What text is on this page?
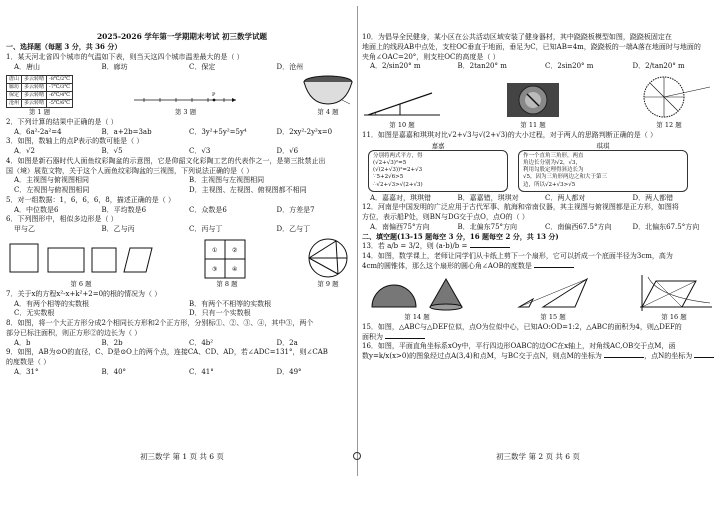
2025-2026 学年第一学期期末考试 初三数学试题
一、选择题（每题 3 分，共 36 分）
1．某天河北省四个城市的气温如下表，则当天这四个城市温差最大的是（ ）
A．唐山	B．廊坊	C．保定	D．沧州
唐山	多云转晴	-8℃/2℃
廊坊	多云转晴	-7℃/3℃
保定	多云转晴	-6℃/4℃
沧州	多云转晴	-5℃/6℃
第 1 题
P
第 3 题	第 4 题
2．下列计算的结果中正确的是（ ）
A．6a²-2a²=4	B．a+2b=3ab	C．3y²+5y²=5y⁴	D．2xy²-2y²x=0
3．如图，数轴上的点P表示的数可能是（ ）
A．√2	B．√5	C．√3	D．√6
4．如图是新石器时代人面鱼纹彩陶盆的示意图，它是仰韶文化彩陶工艺的代表作之一，是第三批禁止出
国（境）展览文物，关于这个人面鱼纹彩陶盆的三视图，下列说法正确的是（ ）
A．主视图与俯视图相同	B．主视图与左视图相同
C．左视图与俯视图相同	D．主视图、左视图、俯视图都不相同
5．对一组数据：1，6，6，6，8，描述正确的是（ ）
A．中位数是6	B．平均数是6	C．众数是6	D．方差是7
6．下列图形中，相似多边形是（ ）
甲与乙	B．乙与丙	C．丙与丁	D．乙与丁
第 6 题
① ②
③ ④
第 8 题	第 9 题
7．关于x的方程x²-x+k²+2=0的根的情况为（ ）
A．有两个相等的实数根	B．有两个不相等的实数根
C．无实数根	D．只有一个实数根
8．如图，将一个大正方形分成2个相同长方形和2个正方形，分别标①、②、③、④，其中③，两个
部分已标注面积，则正方形②的边长为（ ）
A．b	B．2b	C．4b²	D．2a
9．如图，AB为⊙O的直径，C、D是⊙O上的两个点，连接CA、CD、AD，若∠ADC=131°，则∠CAB
的度数是（ ）
A．31°	B．40°	C．41°	D．49°
初三数学 第 1 页 共 6 页
10．为倡导全民健身，某小区在公共活动区域安装了健身器材，其中跷跷板模型如图，跷跷板固定在
地面上的线段AB中点处，支柱OC垂直于地面，垂足为C，已知AB=4m，跷跷板的一端A落在地面时与地面的
夹角∠OAC=20°，则支柱OC的高度是（ ）
A．2/sin20° m	B．2tan20° m	C．2sin20° m	D．2/tan20° m
第 10 题	第 11 题	第 12 题
11．如图是嘉嘉和琪琪对比√2+√3与√(2+√3)的大小过程，对于两人的思路判断正确的是（ ）
嘉嘉
分别将两式平方，得
(√2+√3)²=5
(√(2+√3))²=2+√3
∵5+2√6>5
∴√2+√3>√(2+√3)
琪琪
作一个直角三角形，两直
角边长分别为√2，√3，
利用勾股定理得斜边长为
√5，因为三角形两边之和大于第三
边，所以√2+√3>√5
A．嘉嘉对，琪琪错	B．嘉嘉错，琪琪对	C．两人都对	D．两人都错
12．河南是中国发明的广泛应用于古代军事、航海和帝南仪器，其主视图与俯视图都是正方形，如图将
方位，表示船P处，则BN与DG交于点O，点O的（ ）
A．南偏西75°方向	B．北偏东75°方向	C．南偏西67.5°方向	D．北偏东67.5°方向
二、填空题(13-15 题每空 3 分，16 题每空 2 分，共 13 分)
13．若 a/b = 3/2，则 (a-b)/b =
14．如图，数学课上，老师让同学们从卡纸上剪下一个扇形，它可以折成一个底面半径为3cm，高为
4cm的圆锥体，那么这个扇形的圆心角∠AOB的度数是
第 14 题	第 15 题	第 16 题
15．如图，△ABC与△DEF位似，点O为位似中心，已知AO:OD=1:2，△ABC的面积为4，则△DEF的
面积为
16．如图，平面直角坐标系xOy中，平行四边形OABC的边OC在x轴上，对角线AC,OB交于点M，函
数y=k/x(x>0)的图象经过点A(3,4)和点M，与BC交于点N，则点M的坐标为	，点N的坐标为
初三数学 第 2 页 共 6 页
